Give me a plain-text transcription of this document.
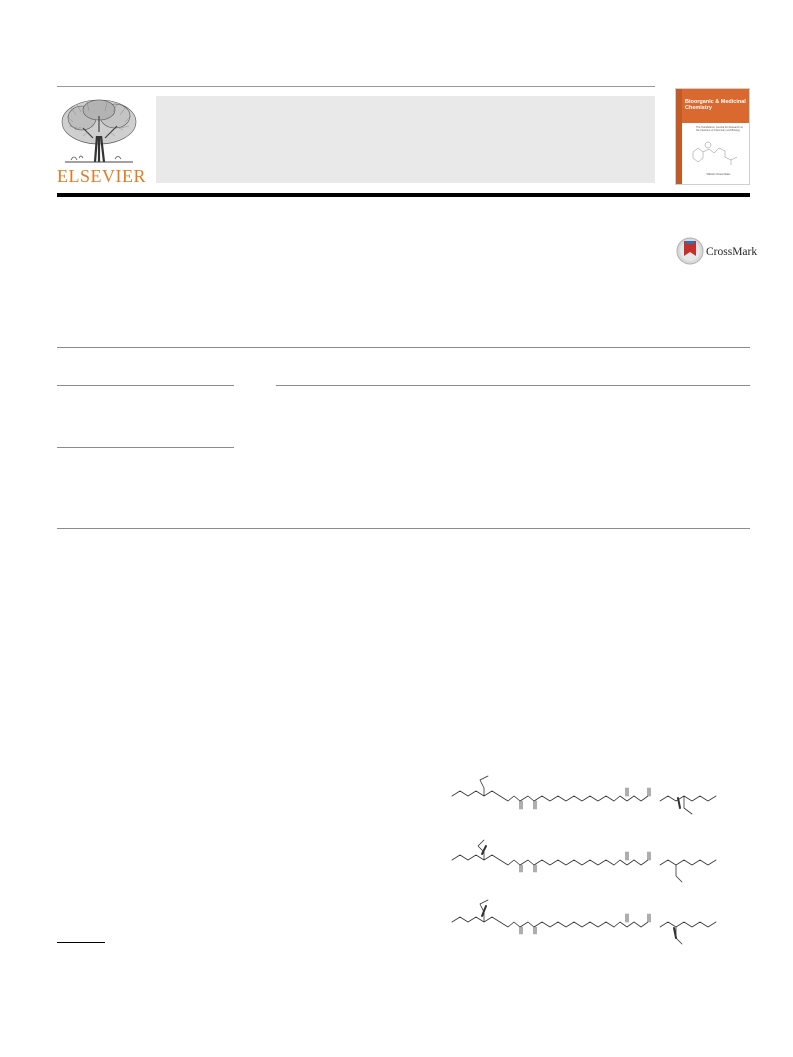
ELSEVIER
Bioorganic & Medicinal Chemistry
The Tetrahedron Journal for Research at the Interface of Chemistry and Biology
Wilhelm Rosenthaler
CrossMark
